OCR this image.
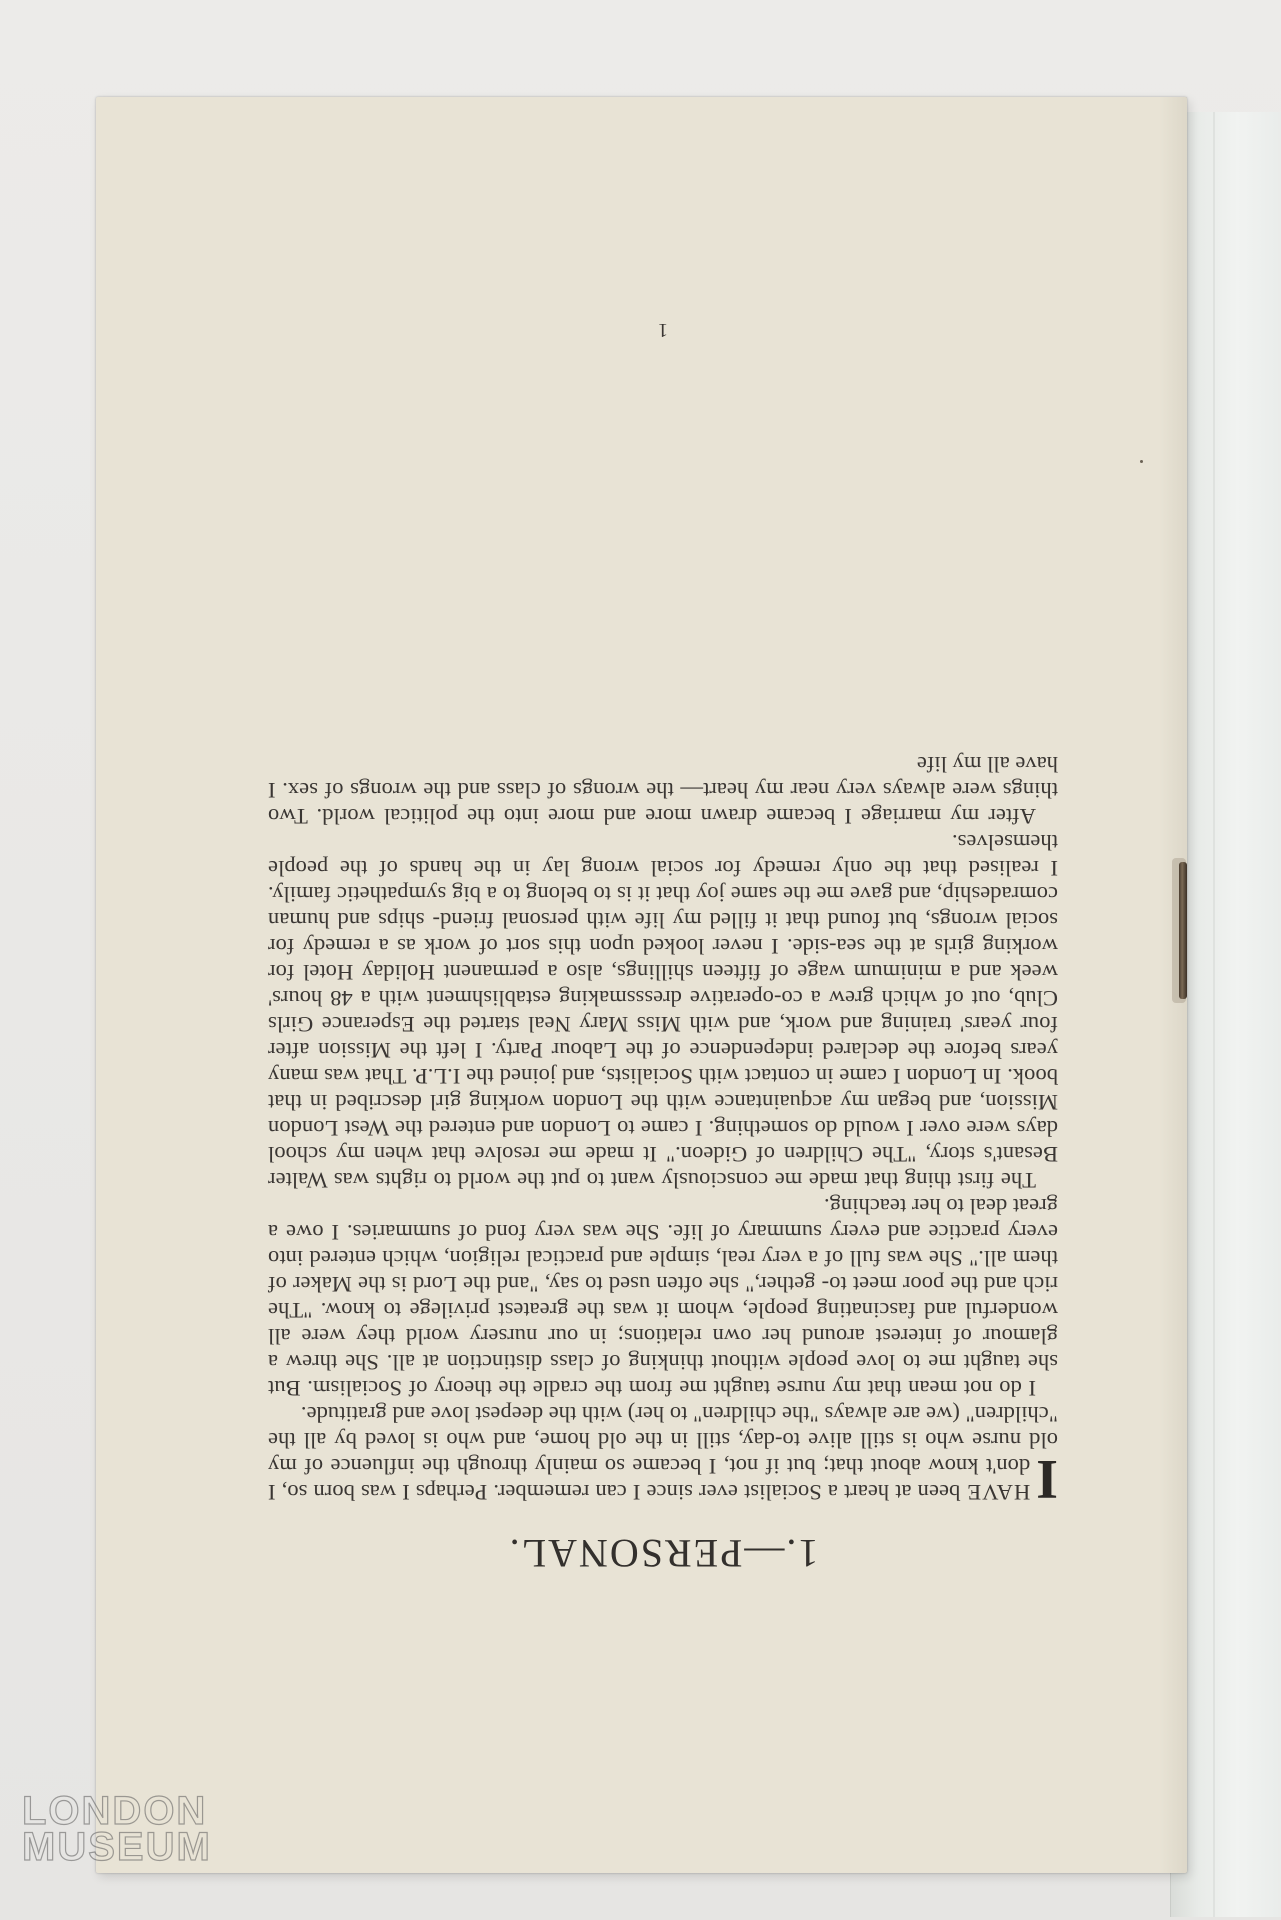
1.—PERSONAL.

I
HAVE been at heart a Socialist ever since I can remember. Perhaps I was born so, I don't know about that; but if not, I became so mainly through the influence of my old nurse who is still alive to-day, still in the old home, and who is loved by all the "children" (we are always "the children" to her) with the deepest love and gratitude.

I do not mean that my nurse taught me from the cradle the theory of Socialism. But she taught me to love people without thinking of class distinction at all. She threw a glamour of interest around her own relations; in our nursery world they were all wonderful and fascinating people, whom it was the greatest privilege to know. "The rich and the poor meet to- gether," she often used to say, "and the Lord is the Maker of them all." She was full of a very real, simple and practical religion, which entered into every practice and every summary of life. She was very fond of summaries. I owe a great deal to her teaching.

The first thing that made me consciously want to put the world to rights was Walter Besant's story, "The Children of Gideon." It made me resolve that when my school days were over I would do something. I came to London and entered the West London Mission, and began my acquaintance with the London working girl described in that book. In London I came in contact with Socialists, and joined the I.L.P. That was many years before the declared independence of the Labour Party. I left the Mission after four years' training and work, and with Miss Mary Neal started the Esperance Girls Club, out of which grew a co-operative dresssmaking establishment with a 48 hours' week and a minimum wage of fifteen shillings, also a permanent Holiday Hotel for working girls at the sea-side. I never looked upon this sort of work as a remedy for social wrongs, but found that it filled my life with personal friend- ships and human comradeship, and gave me the same joy that it is to belong to a big sympathetic family. I realised that the only remedy for social wrong lay in the hands of the people themselves.

After my marriage I became drawn more and more into the political world. Two things were always very near my heart— the wrongs of class and the wrongs of sex. I have all my life

1
LONDON
MUSEUM
